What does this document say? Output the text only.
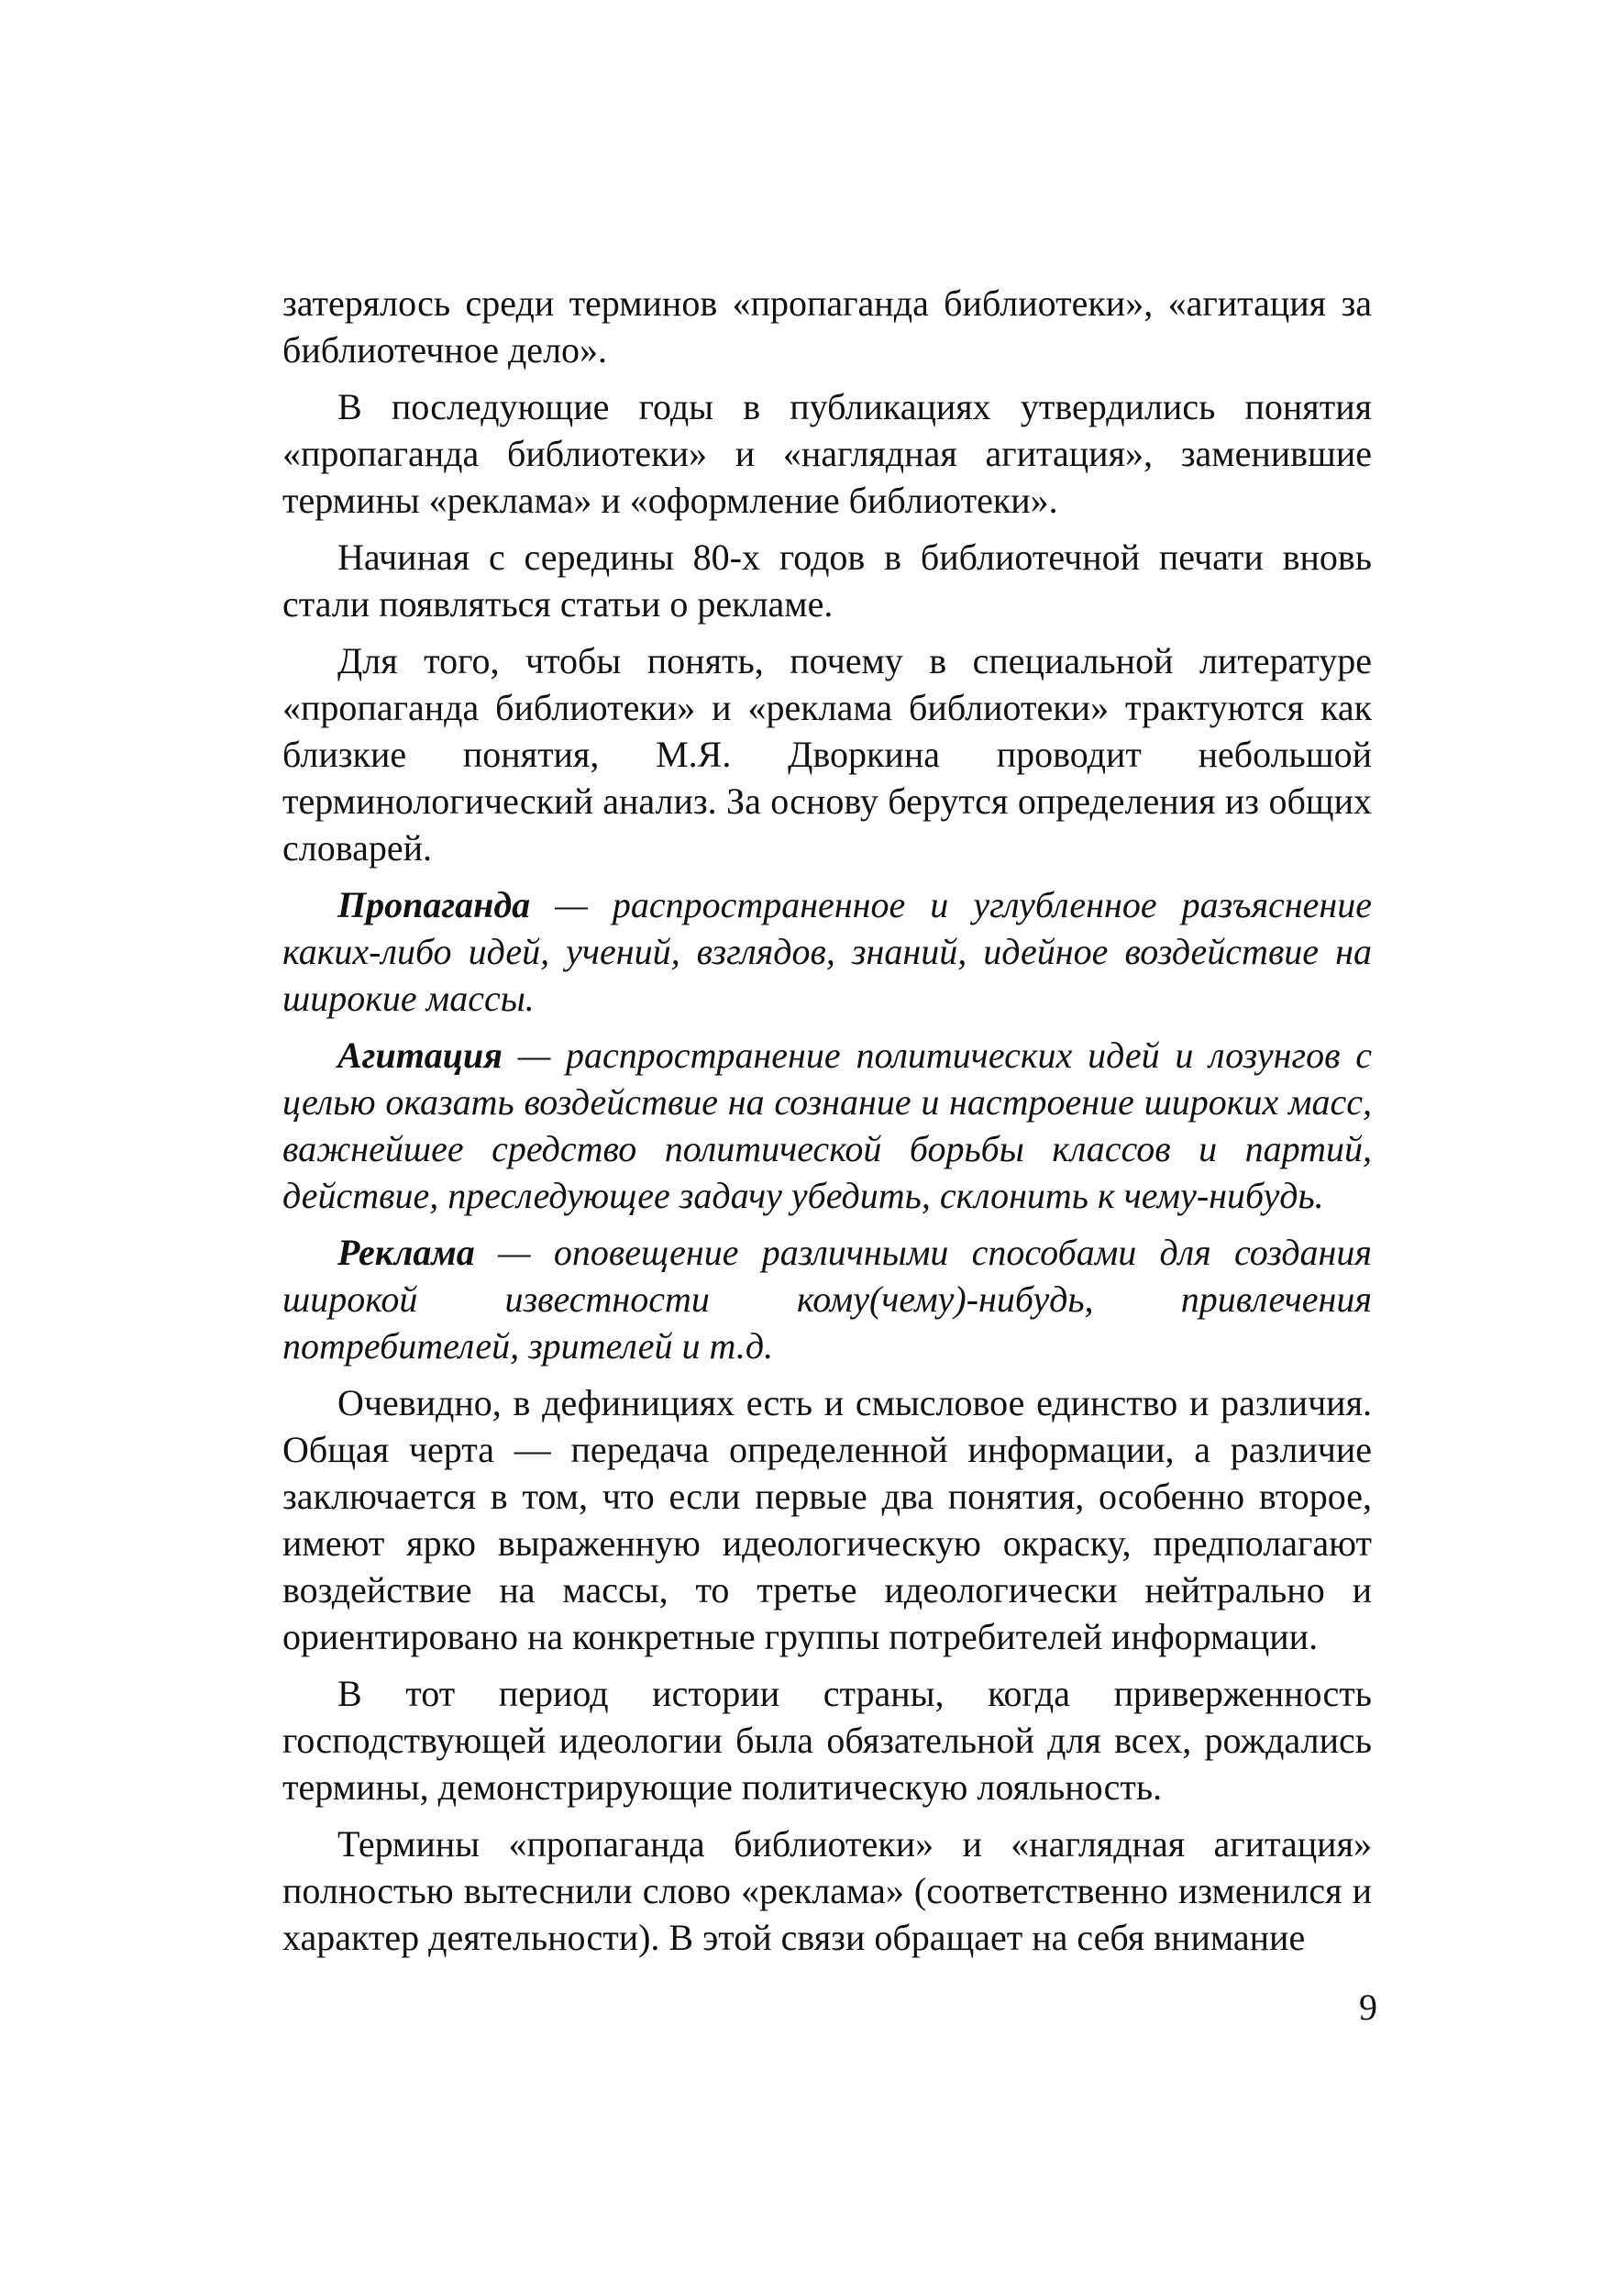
затерялось среди терминов «пропаганда библиотеки», «агитация за библиотечное дело».

В последующие годы в публикациях утвердились понятия «пропаганда библиотеки» и «наглядная агитация», заменившие термины «реклама» и «оформление библиотеки».

Начиная с середины 80-х годов в библиотечной печати вновь стали появляться статьи о рекламе.

Для того, чтобы понять, почему в специальной литературе «пропаганда библиотеки» и «реклама библиотеки» трактуются как близкие понятия, М.Я. Дворкина проводит небольшой терминологический анализ. За основу берутся определения из общих словарей.

Пропаганда — распространенное и углубленное разъяснение каких-либо идей, учений, взглядов, знаний, идейное воздействие на широкие массы.

Агитация — распространение политических идей и лозунгов с целью оказать воздействие на сознание и настроение широких масс, важнейшее средство политической борьбы классов и партий, действие, преследующее задачу убедить, склонить к чему-нибудь.

Реклама — оповещение различными способами для создания широкой известности кому(чему)-нибудь, привлечения потребителей, зрителей и т.д.

Очевидно, в дефинициях есть и смысловое единство и различия. Общая черта — передача определенной информации, а различие заключается в том, что если первые два понятия, особенно второе, имеют ярко выраженную идеологическую окраску, предполагают воздействие на массы, то третье идеологически нейтрально и ориентировано на конкретные группы потребителей информации.

В тот период истории страны, когда приверженность господствующей идеологии была обязательной для всех, рождались термины, демонстрирующие политическую лояльность.

Термины «пропаганда библиотеки» и «наглядная агитация» полностью вытеснили слово «реклама» (соответственно изменился и характер деятельности). В этой связи обращает на себя внимание

9
